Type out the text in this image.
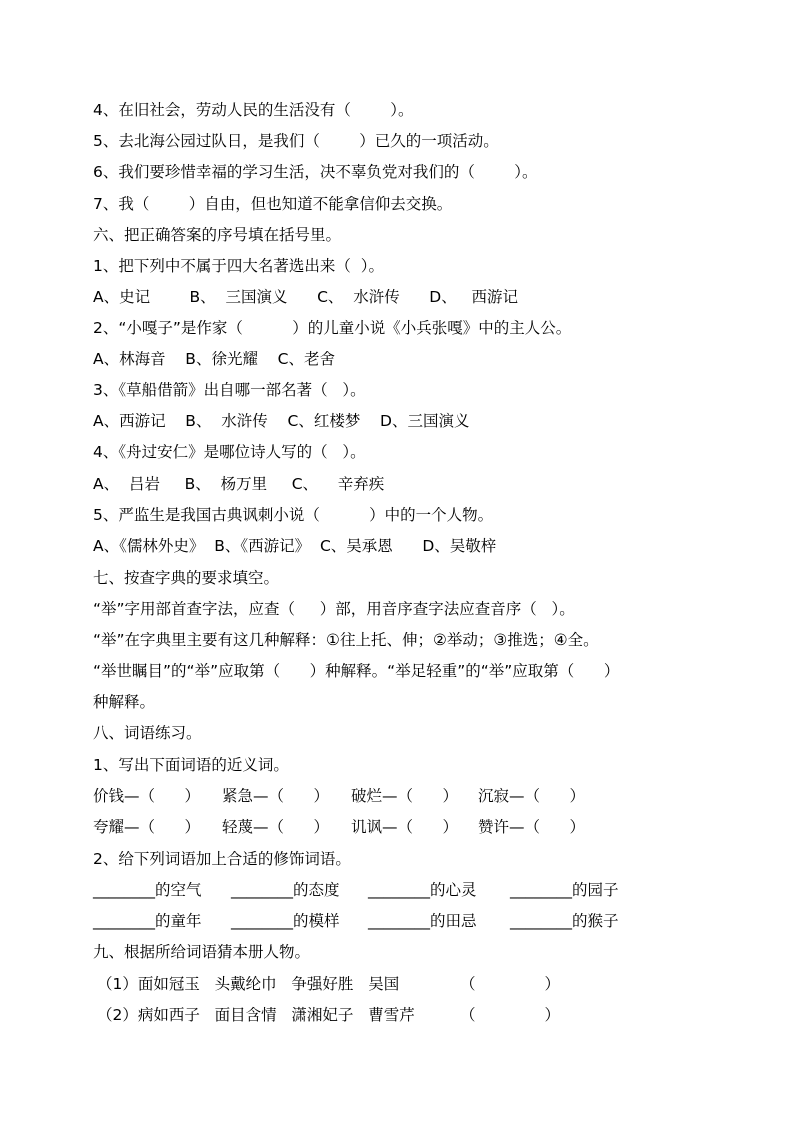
4、在旧社会，劳动人民的生活没有（        ）。
5、去北海公园过队日，是我们（        ）已久的一项活动。
6、我们要珍惜幸福的学习生活，决不辜负党对我们的（        ）。
7、我（        ）自由，但也知道不能拿信仰去交换。
六、把正确答案的序号填在括号里。
1、把下列中不属于四大名著选出来（  ）。
A、史记        B、  三国演义      C、  水浒传      D、   西游记
2、“小嘎子”是作家（          ）的儿童小说《小兵张嘎》中的主人公。
A、林海音    B、徐光耀    C、老舍
3、《草船借箭》出自哪一部名著（   ）。
A、西游记    B、  水浒传    C、红楼梦    D、三国演义
4、《舟过安仁》是哪位诗人写的（   ）。
A、  吕岩     B、  杨万里     C、    辛弃疾
5、严监生是我国古典讽刺小说（          ）中的一个人物。
A、《儒林外史》  B、《西游记》  C、吴承恩      D、吴敬梓
七、按查字典的要求填空。
“举”字用部首查字法，应查（     ）部，用音序查字法应查音序（   ）。
“举”在字典里主要有这几种解释：①往上托、伸；②举动；③推选；④全。
“举世瞩目”的“举”应取第（      ）种解释。“举足轻重”的“举”应取第（      ）
种解释。
八、词语练习。
1、写出下面词语的近义词。
价钱—（      ） 紧急—（      ） 破烂—（      ） 沉寂—（      ）
夸耀—（      ） 轻蔑—（      ） 讥讽—（      ） 赞许—（      ）
2、给下列词语加上合适的修饰词语。
________的空气 ________的态度 ________的心灵 ________的园子
________的童年 ________的模样 ________的田忌 ________的猴子
九、根据所给词语猜本册人物。
（1）面如冠玉   头戴纶巾   争强好胜   吴国	（              ）
（2）病如西子   面目含情   潇湘妃子   曹雪芹	（              ）
